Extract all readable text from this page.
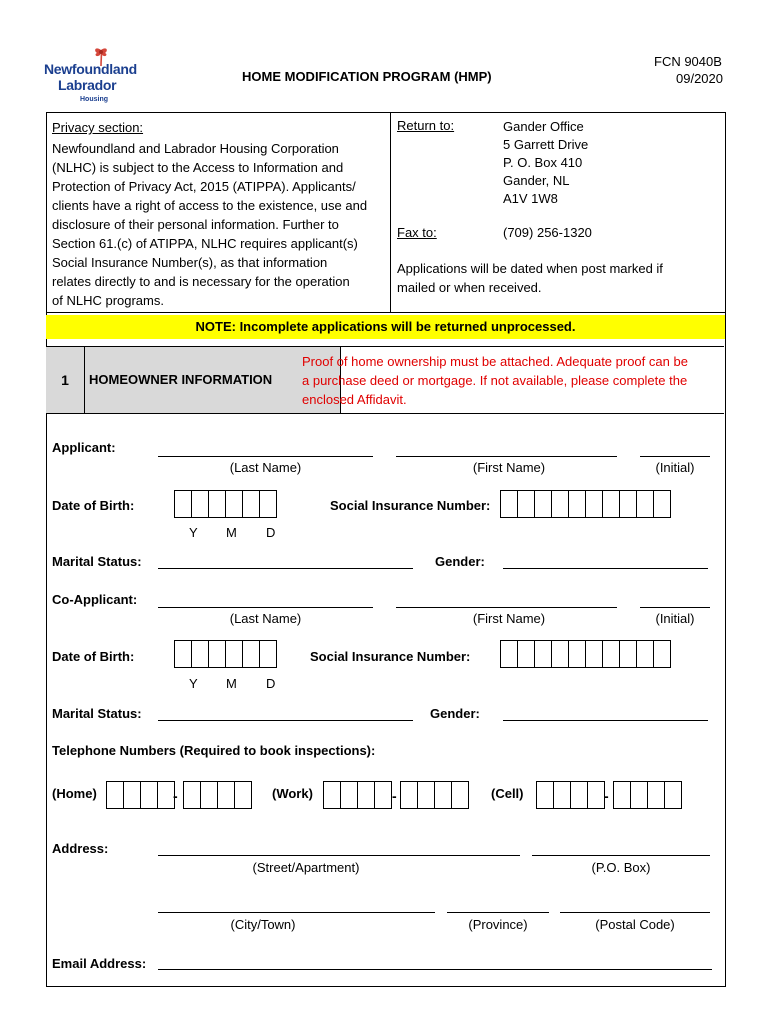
Newfoundland
Labrador
Housing
HOME MODIFICATION PROGRAM (HMP)
FCN 9040B
09/2020
Privacy section:
Newfoundland and Labrador Housing Corporation
(NLHC) is subject to the Access to Information and
Protection of Privacy Act, 2015 (ATIPPA). Applicants/
clients have a right of access to the existence, use and
disclosure of their personal information. Further to
Section 61.(c) of ATIPPA, NLHC requires applicant(s)
Social Insurance Number(s), as that information
relates directly to and is necessary for the operation
of NLHC programs.
Return to:	Gander Office
5 Garrett Drive
P. O. Box 410
Gander, NL
A1V 1W8
Fax to:	(709) 256-1320
Applications will be dated when post marked if
mailed or when received.
NOTE: Incomplete applications will be returned unprocessed.
1	HOMEOWNER INFORMATION
Proof of home ownership must be attached. Adequate proof can be
a purchase deed or mortgage. If not available, please complete the
enclosed Affidavit.
Applicant:
(Last Name)	(First Name)	(Initial)
Date of Birth:
Y M D
Social Insurance Number:
Marital Status:	Gender:
Co-Applicant:
(Last Name)	(First Name)	(Initial)
Date of Birth:
Y M D
Social Insurance Number:
Marital Status:	Gender:
Telephone Numbers (Required to book inspections):
(Home)	-	(Work)	-	(Cell)	-
Address:
(Street/Apartment)	(P.O. Box)
(City/Town)	(Province)	(Postal Code)
Email Address:
